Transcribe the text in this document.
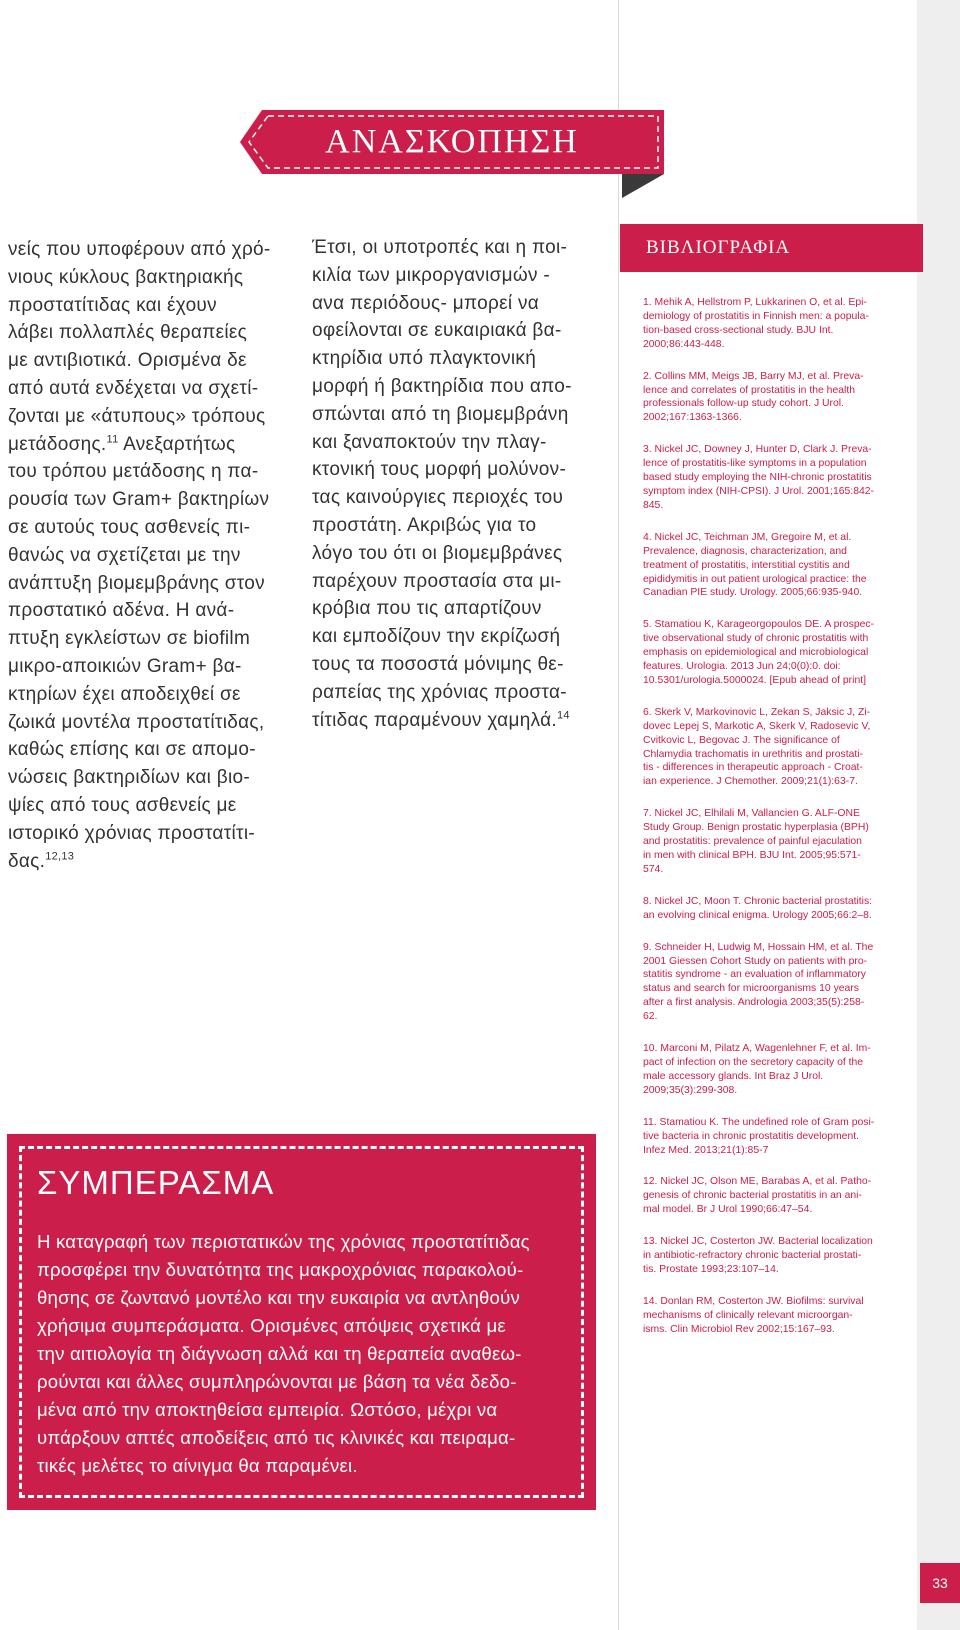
ΑΝΑΣΚΟΠΗΣΗ

νείς που υποφέρουν από χρό-
νιους κύκλους βακτηριακής
προστατίτιδας και έχουν
λάβει πολλαπλές θεραπείες
με αντιβιοτικά. Ορισμένα δε
από αυτά ενδέχεται να σχετί-
ζονται με «άτυπους» τρόπους
μετάδοσης.$^{11}$ Ανεξαρτήτως
του τρόπου μετάδοσης η πα-
ρουσία των Gram+ βακτηρίων
σε αυτούς τους ασθενείς πι-
θανώς να σχετίζεται με την
ανάπτυξη βιομεμβράνης στον
προστατικό αδένα. Η ανά-
πτυξη εγκλείστων σε biofilm
μικρο-αποικιών Gram+ βα-
κτηρίων έχει αποδειχθεί σε
ζωικά μοντέλα προστατίτιδας,
καθώς επίσης και σε απομο-
νώσεις βακτηριδίων και βιο-
ψίες από τους ασθενείς με
ιστορικό χρόνιας προστατίτι-
δας.$^{12,13}$

Έτσι, οι υποτροπές και η ποι-
κιλία των μικροργανισμών -
ανα περιόδους- μπορεί να
οφείλονται σε ευκαιριακά βα-
κτηρίδια υπό πλαγκτονική
μορφή ή βακτηρίδια που απο-
σπώνται από τη βιομεμβράνη
και ξαναποκτούν την πλαγ-
κτονική τους μορφή μολύνον-
τας καινούργιες περιοχές του
προστάτη. Ακριβώς για το
λόγο του ότι οι βιομεμβράνες
παρέχουν προστασία στα μι-
κρόβια που τις απαρτίζουν
και εμποδίζουν την εκρίζωσή
τους τα ποσοστά μόνιμης θε-
ραπείας της χρόνιας προστα-
τίτιδας παραμένουν χαμηλά.$^{14}$

ΒΙΒΛΙΟΓΡΑΦΙΑ
1. Mehik A, Hellstrom P, Lukkarinen O, et al. Epi-
demiology of prostatitis in Finnish men: a popula-
tion-based cross-sectional study. BJU Int.
2000;86:443-448.
2. Collins MM, Meigs JB, Barry MJ, et al. Preva-
lence and correlates of prostatitis in the health
professionals follow-up study cohort. J Urol.
2002;167:1363-1366.
3. Nickel JC, Downey J, Hunter D, Clark J. Preva-
lence of prostatitis-like symptoms in a population
based study employing the NIH-chronic prostatitis
symptom index (NIH-CPSI). J Urol. 2001;165:842-
845.
4. Nickel JC, Teichman JM, Gregoire M, et al.
Prevalence, diagnosis, characterization, and
treatment of prostatitis, interstitial cystitis and
epididymitis in out patient urological practice: the
Canadian PIE study. Urology. 2005;66:935-940.
5. Stamatiou K, Karageorgopoulos DE. A prospec-
tive observational study of chronic prostatitis with
emphasis on epidemiological and microbiological
features. Urologia. 2013 Jun 24;0(0):0. doi:
10.5301/urologia.5000024. [Epub ahead of print]
6. Skerk V, Markovinovic L, Zekan S, Jaksic J, Zi-
dovec Lepej S, Markotic A, Skerk V, Radosevic V,
Cvitkovic L, Begovac J. The significance of
Chlamydia trachomatis in urethritis and prostati-
tis - differences in therapeutic approach - Croat-
ian experience. J Chemother. 2009;21(1):63-7.
7. Nickel JC, Elhilali M, Vallancien G. ALF-ONE
Study Group. Benign prostatic hyperplasia (BPH)
and prostatitis: prevalence of painful ejaculation
in men with clinical BPH. BJU Int. 2005;95:571-
574.
8. Nickel JC, Moon T. Chronic bacterial prostatitis:
an evolving clinical enigma. Urology 2005;66:2–8.
9. Schneider H, Ludwig M, Hossain HM, et al. The
2001 Giessen Cohort Study on patients with pro-
statitis syndrome - an evaluation of inflammatory
status and search for microorganisms 10 years
after a first analysis. Andrologia 2003;35(5):258-
62.
10. Marconi M, Pilatz A, Wagenlehner F, et al. Im-
pact of infection on the secretory capacity of the
male accessory glands. Int Braz J Urol.
2009;35(3):299-308.
11. Stamatiou K. The undefined role of Gram posi-
tive bacteria in chronic prostatitis development.
Infez Med. 2013;21(1):85-7
12. Nickel JC, Olson ME, Barabas A, et al. Patho-
genesis of chronic bacterial prostatitis in an ani-
mal model. Br J Urol 1990;66:47–54.
13. Nickel JC, Costerton JW. Bacterial localization
in antibiotic-refractory chronic bacterial prostati-
tis. Prostate 1993;23:107–14.
14. Donlan RM, Costerton JW. Biofilms: survival
mechanisms of clinically relevant microorgan-
isms. Clin Microbiol Rev 2002;15:167–93.
ΣΥΜΠΕΡΑΣΜΑ
Η καταγραφή των περιστατικών της χρόνιας προστατίτιδας
προσφέρει την δυνατότητα της μακροχρόνιας παρακολού-
θησης σε ζωντανό μοντέλο και την ευκαιρία να αντληθούν
χρήσιμα συμπεράσματα. Ορισμένες απόψεις σχετικά με
την αιτιολογία τη διάγνωση αλλά και τη θεραπεία αναθεω-
ρούνται και άλλες συμπληρώνονται με βάση τα νέα δεδο-
μένα από την αποκτηθείσα εμπειρία. Ωστόσο, μέχρι να
υπάρξουν απτές αποδείξεις από τις κλινικές και πειραμα-
τικές μελέτες το αίνιγμα θα παραμένει.
33
